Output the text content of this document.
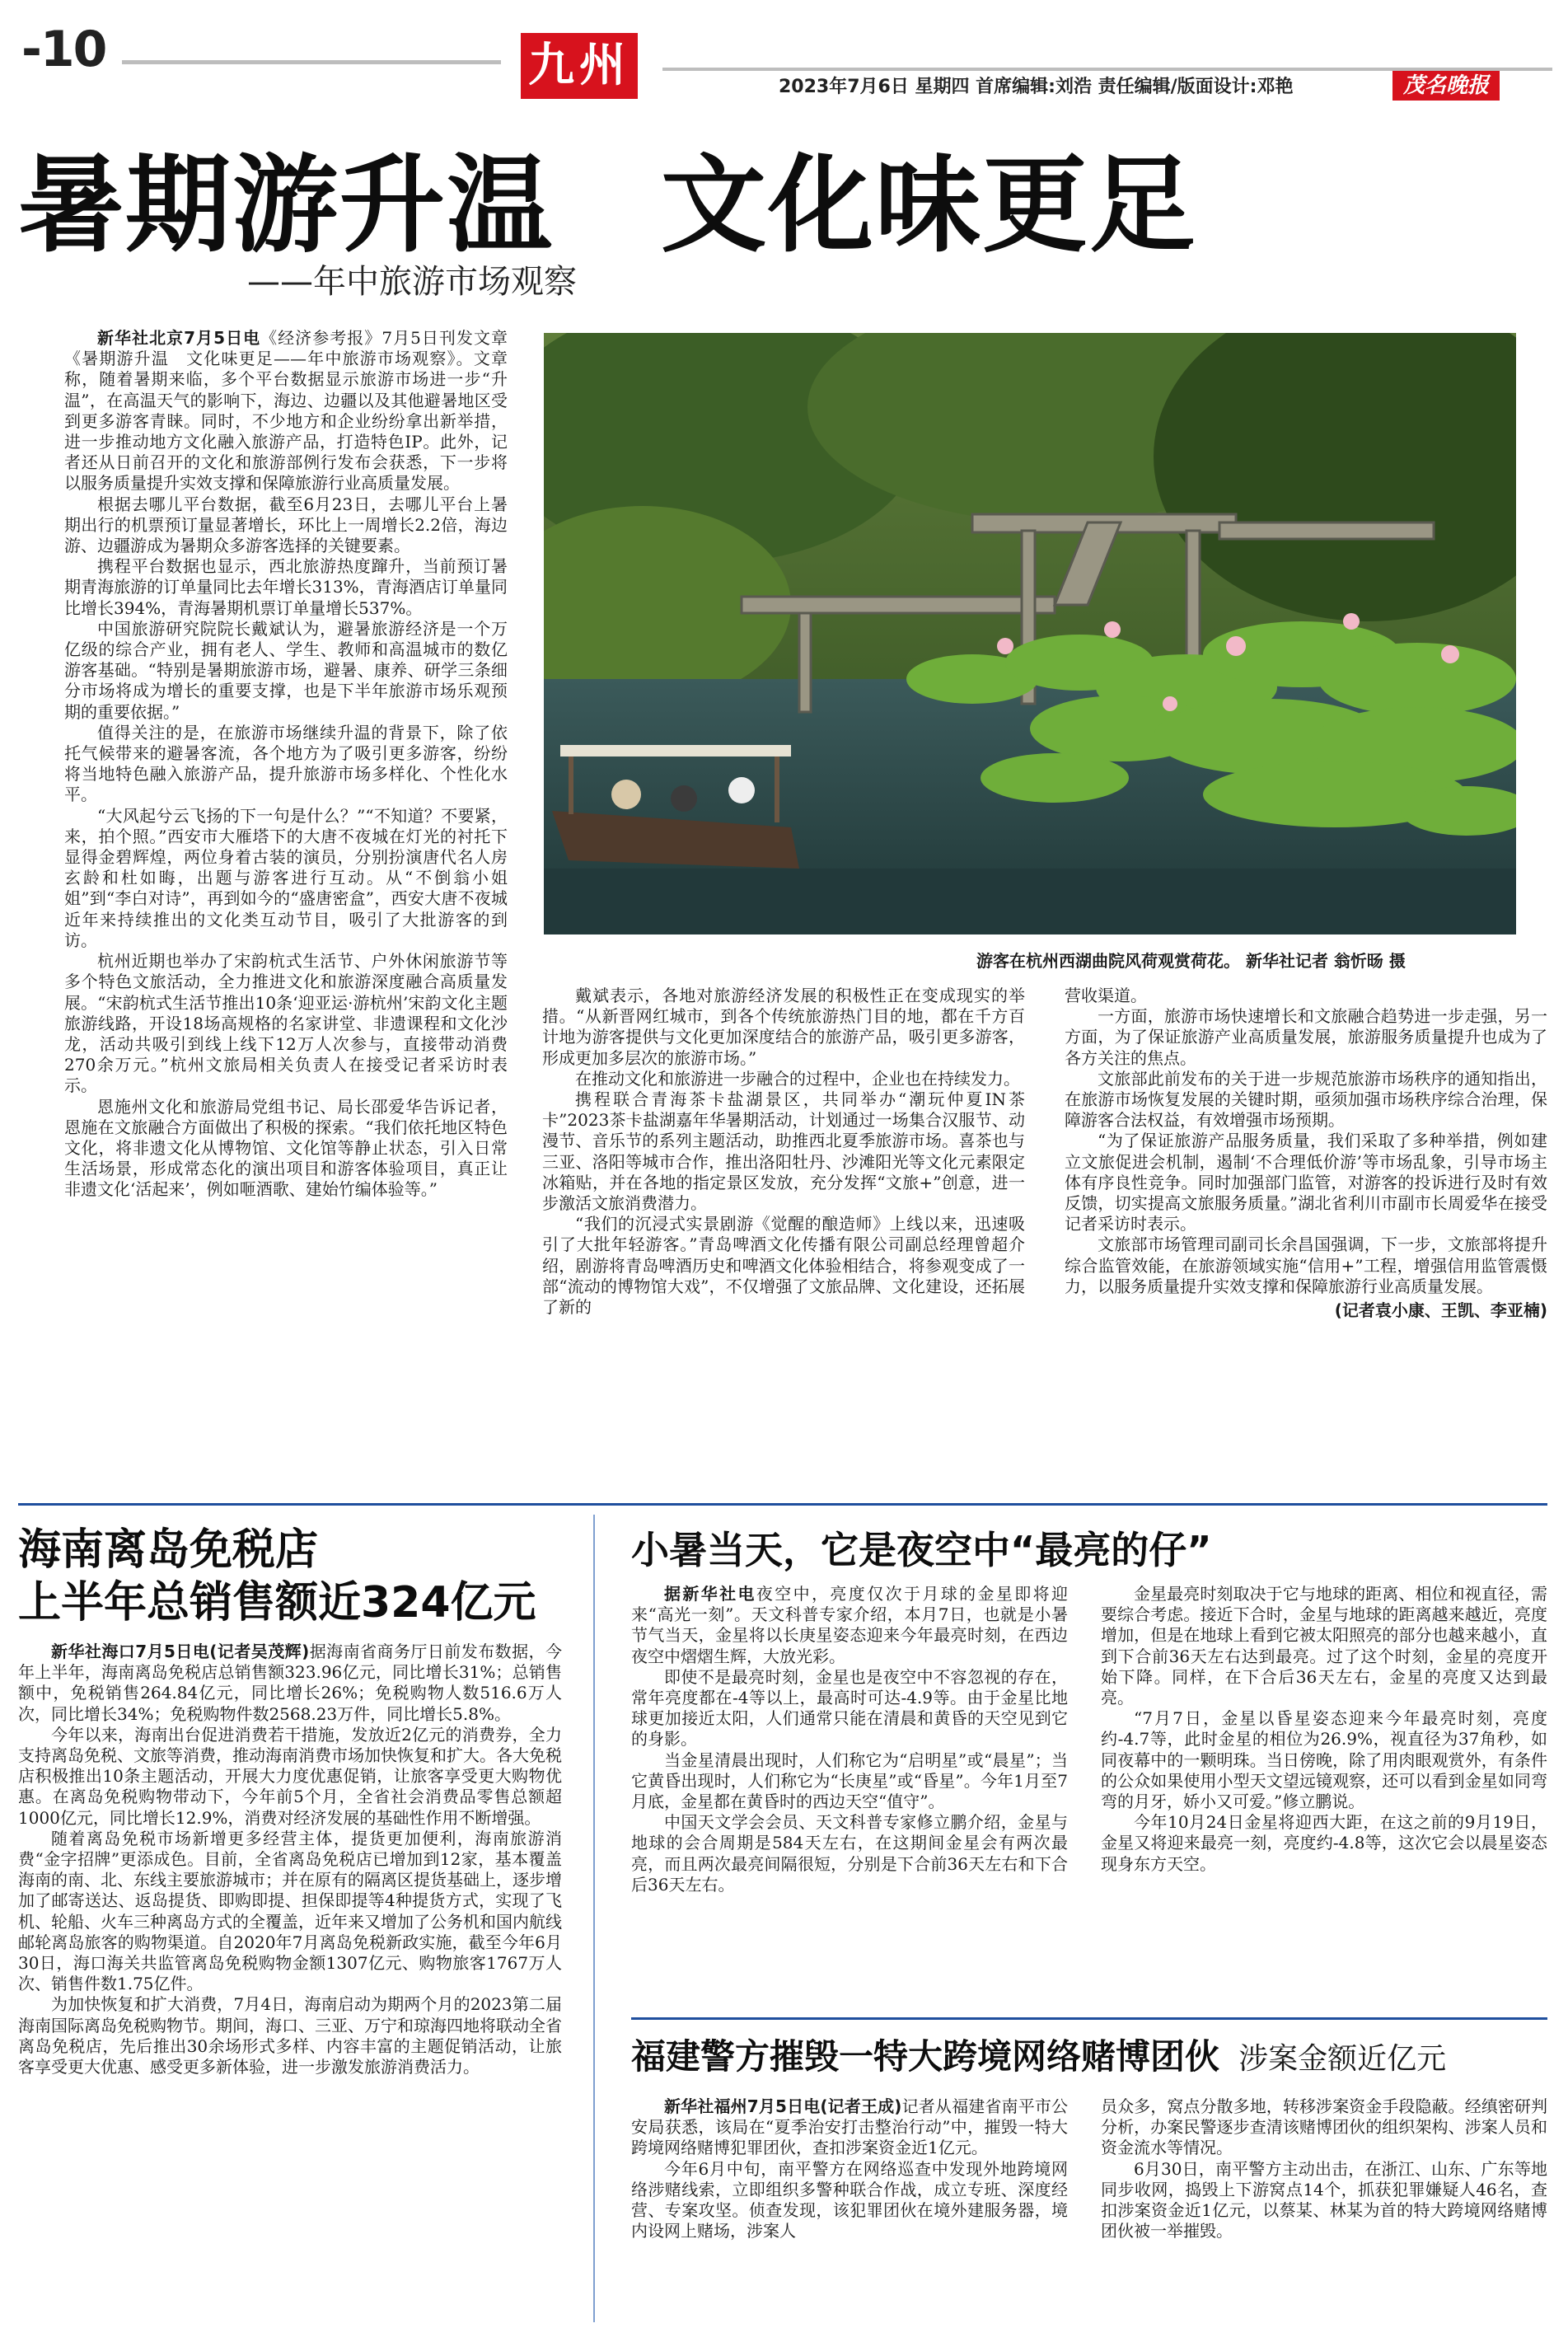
-10	九州	2023年7月6日 星期四 首席编辑:刘浩 责任编辑/版面设计:邓艳	茂名晚报
暑期游升温　文化味更足
——年中旅游市场观察

新华社北京7月5日电《经济参考报》7月5日刊发文章《暑期游升温　文化味更足——年中旅游市场观察》。文章称，随着暑期来临，多个平台数据显示旅游市场进一步“升温”，在高温天气的影响下，海边、边疆以及其他避暑地区受到更多游客青睐。同时，不少地方和企业纷纷拿出新举措，进一步推动地方文化融入旅游产品，打造特色IP。此外，记者还从日前召开的文化和旅游部例行发布会获悉，下一步将以服务质量提升实效支撑和保障旅游行业高质量发展。

根据去哪儿平台数据，截至6月23日，去哪儿平台上暑期出行的机票预订量显著增长，环比上一周增长2.2倍，海边游、边疆游成为暑期众多游客选择的关键要素。

携程平台数据也显示，西北旅游热度蹿升，当前预订暑期青海旅游的订单量同比去年增长313%，青海酒店订单量同比增长394%，青海暑期机票订单量增长537%。

中国旅游研究院院长戴斌认为，避暑旅游经济是一个万亿级的综合产业，拥有老人、学生、教师和高温城市的数亿游客基础。“特别是暑期旅游市场，避暑、康养、研学三条细分市场将成为增长的重要支撑，也是下半年旅游市场乐观预期的重要依据。”

值得关注的是，在旅游市场继续升温的背景下，除了依托气候带来的避暑客流，各个地方为了吸引更多游客，纷纷将当地特色融入旅游产品，提升旅游市场多样化、个性化水平。

“大风起兮云飞扬的下一句是什么？”“不知道？不要紧，来，拍个照。”西安市大雁塔下的大唐不夜城在灯光的衬托下显得金碧辉煌，两位身着古装的演员，分别扮演唐代名人房玄龄和杜如晦，出题与游客进行互动。从“不倒翁小姐姐”到“李白对诗”，再到如今的“盛唐密盒”，西安大唐不夜城近年来持续推出的文化类互动节目，吸引了大批游客的到访。

杭州近期也举办了宋韵杭式生活节、户外休闲旅游节等多个特色文旅活动，全力推进文化和旅游深度融合高质量发展。“宋韵杭式生活节推出10条‘迎亚运·游杭州’宋韵文化主题旅游线路，开设18场高规格的名家讲堂、非遗课程和文化沙龙，活动共吸引到线上线下12万人次参与，直接带动消费270余万元。”杭州文旅局相关负责人在接受记者采访时表示。

恩施州文化和旅游局党组书记、局长邵爱华告诉记者，恩施在文旅融合方面做出了积极的探索。“我们依托地区特色文化，将非遗文化从博物馆、文化馆等静止状态，引入日常生活场景，形成常态化的演出项目和游客体验项目，真正让非遗文化‘活起来’，例如咂酒歌、建始竹编体验等。”

游客在杭州西湖曲院风荷观赏荷花。 新华社记者 翁忻旸 摄

戴斌表示，各地对旅游经济发展的积极性正在变成现实的举措。“从新晋网红城市，到各个传统旅游热门目的地，都在千方百计地为游客提供与文化更加深度结合的旅游产品，吸引更多游客，形成更加多层次的旅游市场。”

在推动文化和旅游进一步融合的过程中，企业也在持续发力。

携程联合青海茶卡盐湖景区，共同举办“潮玩仲夏IN茶卡”2023茶卡盐湖嘉年华暑期活动，计划通过一场集合汉服节、动漫节、音乐节的系列主题活动，助推西北夏季旅游市场。喜茶也与三亚、洛阳等城市合作，推出洛阳牡丹、沙滩阳光等文化元素限定冰箱贴，并在各地的指定景区发放，充分发挥“文旅+”创意，进一步激活文旅消费潜力。

“我们的沉浸式实景剧游《觉醒的酿造师》上线以来，迅速吸引了大批年轻游客。”青岛啤酒文化传播有限公司副总经理曾超介绍，剧游将青岛啤酒历史和啤酒文化体验相结合，将参观变成了一部“流动的博物馆大戏”，不仅增强了文旅品牌、文化建设，还拓展了新的

营收渠道。

一方面，旅游市场快速增长和文旅融合趋势进一步走强，另一方面，为了保证旅游产业高质量发展，旅游服务质量提升也成为了各方关注的焦点。

文旅部此前发布的关于进一步规范旅游市场秩序的通知指出，在旅游市场恢复发展的关键时期，亟须加强市场秩序综合治理，保障游客合法权益，有效增强市场预期。

“为了保证旅游产品服务质量，我们采取了多种举措，例如建立文旅促进会机制，遏制‘不合理低价游’等市场乱象，引导市场主体有序良性竞争。同时加强部门监管，对游客的投诉进行及时有效反馈，切实提高文旅服务质量。”湖北省利川市副市长周爱华在接受记者采访时表示。

文旅部市场管理司副司长余昌国强调，下一步，文旅部将提升综合监管效能，在旅游领域实施“信用+”工程，增强信用监管震慑力，以服务质量提升实效支撑和保障旅游行业高质量发展。

(记者袁小康、王凯、李亚楠)

海南离岛免税店
上半年总销售额近324亿元

新华社海口7月5日电(记者吴茂辉)据海南省商务厅日前发布数据，今年上半年，海南离岛免税店总销售额323.96亿元，同比增长31%；总销售额中，免税销售264.84亿元，同比增长26%；免税购物人数516.6万人次，同比增长34%；免税购物件数2568.23万件，同比增长5.8%。

今年以来，海南出台促进消费若干措施，发放近2亿元的消费券，全力支持离岛免税、文旅等消费，推动海南消费市场加快恢复和扩大。各大免税店积极推出10条主题活动，开展大力度优惠促销，让旅客享受更大购物优惠。在离岛免税购物带动下，今年前5个月，全省社会消费品零售总额超1000亿元，同比增长12.9%，消费对经济发展的基础性作用不断增强。

随着离岛免税市场新增更多经营主体，提货更加便利，海南旅游消费“金字招牌”更添成色。目前，全省离岛免税店已增加到12家，基本覆盖海南的南、北、东线主要旅游城市；并在原有的隔离区提货基础上，逐步增加了邮寄送达、返岛提货、即购即提、担保即提等4种提货方式，实现了飞机、轮船、火车三种离岛方式的全覆盖，近年来又增加了公务机和国内航线邮轮离岛旅客的购物渠道。自2020年7月离岛免税新政实施，截至今年6月30日，海口海关共监管离岛免税购物金额1307亿元、购物旅客1767万人次、销售件数1.75亿件。

为加快恢复和扩大消费，7月4日，海南启动为期两个月的2023第二届海南国际离岛免税购物节。期间，海口、三亚、万宁和琼海四地将联动全省离岛免税店，先后推出30余场形式多样、内容丰富的主题促销活动，让旅客享受更大优惠、感受更多新体验，进一步激发旅游消费活力。

小暑当天，它是夜空中“最亮的仔”

据新华社电夜空中，亮度仅次于月球的金星即将迎来“高光一刻”。天文科普专家介绍，本月7日，也就是小暑节气当天，金星将以长庚星姿态迎来今年最亮时刻，在西边夜空中熠熠生辉，大放光彩。

即使不是最亮时刻，金星也是夜空中不容忽视的存在，常年亮度都在-4等以上，最高时可达-4.9等。由于金星比地球更加接近太阳，人们通常只能在清晨和黄昏的天空见到它的身影。

当金星清晨出现时，人们称它为“启明星”或“晨星”；当它黄昏出现时，人们称它为“长庚星”或“昏星”。今年1月至7月底，金星都在黄昏时的西边天空“值守”。

中国天文学会会员、天文科普专家修立鹏介绍，金星与地球的会合周期是584天左右，在这期间金星会有两次最亮，而且两次最亮间隔很短，分别是下合前36天左右和下合后36天左右。

金星最亮时刻取决于它与地球的距离、相位和视直径，需要综合考虑。接近下合时，金星与地球的距离越来越近，亮度增加，但是在地球上看到它被太阳照亮的部分也越来越小，直到下合前36天左右达到最亮。过了这个时刻，金星的亮度开始下降。同样，在下合后36天左右，金星的亮度又达到最亮。

“7月7日，金星以昏星姿态迎来今年最亮时刻，亮度约-4.7等，此时金星的相位为26.9%，视直径为37角秒，如同夜幕中的一颗明珠。当日傍晚，除了用肉眼观赏外，有条件的公众如果使用小型天文望远镜观察，还可以看到金星如同弯弯的月牙，娇小又可爱。”修立鹏说。

今年10月24日金星将迎西大距，在这之前的9月19日，金星又将迎来最亮一刻，亮度约-4.8等，这次它会以晨星姿态现身东方天空。

福建警方摧毁一特大跨境网络赌博团伙 涉案金额近亿元

新华社福州7月5日电(记者王成)记者从福建省南平市公安局获悉，该局在“夏季治安打击整治行动”中，摧毁一特大跨境网络赌博犯罪团伙，查扣涉案资金近1亿元。

今年6月中旬，南平警方在网络巡查中发现外地跨境网络涉赌线索，立即组织多警种联合作战，成立专班、深度经营、专案攻坚。侦查发现，该犯罪团伙在境外建服务器，境内设网上赌场，涉案人

员众多，窝点分散多地，转移涉案资金手段隐蔽。经缜密研判分析，办案民警逐步查清该赌博团伙的组织架构、涉案人员和资金流水等情况。

6月30日，南平警方主动出击，在浙江、山东、广东等地同步收网，捣毁上下游窝点14个，抓获犯罪嫌疑人46名，查扣涉案资金近1亿元，以蔡某、林某为首的特大跨境网络赌博团伙被一举摧毁。
